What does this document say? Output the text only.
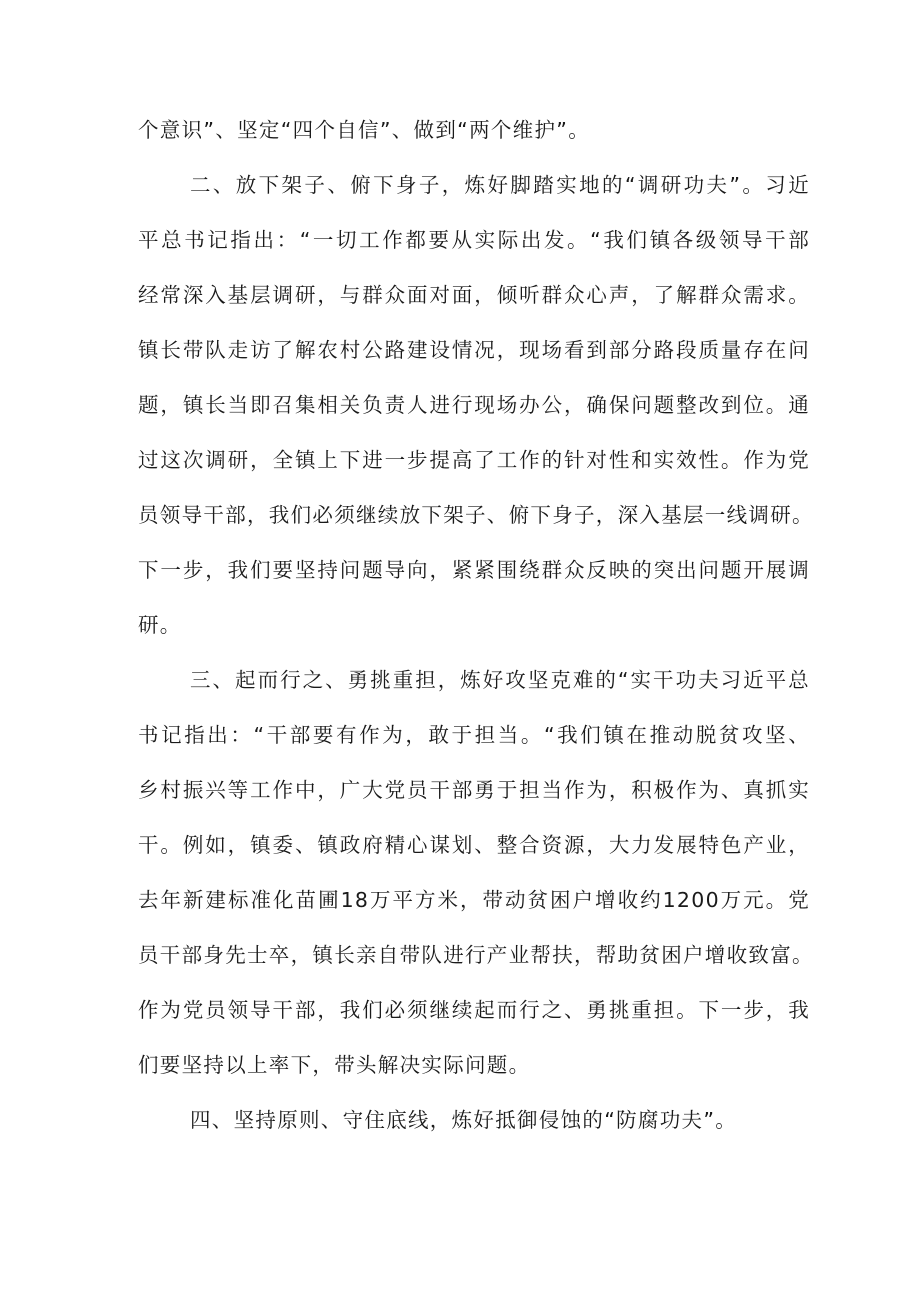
个意识”、坚定“四个自信”、做到“两个维护”。
二、放下架子、俯下身子，炼好脚踏实地的“调研功夫”。习近
平总书记指出：“一切工作都要从实际出发。“我们镇各级领导干部
经常深入基层调研，与群众面对面，倾听群众心声，了解群众需求。
镇长带队走访了解农村公路建设情况，现场看到部分路段质量存在问
题，镇长当即召集相关负责人进行现场办公，确保问题整改到位。通
过这次调研，全镇上下进一步提高了工作的针对性和实效性。作为党
员领导干部，我们必须继续放下架子、俯下身子，深入基层一线调研。
下一步，我们要坚持问题导向，紧紧围绕群众反映的突出问题开展调
研。
三、起而行之、勇挑重担，炼好攻坚克难的“实干功夫习近平总
书记指出：“干部要有作为，敢于担当。“我们镇在推动脱贫攻坚、
乡村振兴等工作中，广大党员干部勇于担当作为，积极作为、真抓实
干。例如，镇委、镇政府精心谋划、整合资源，大力发展特色产业，
去年新建标准化苗圃18万平方米，带动贫困户增收约1200万元。党
员干部身先士卒，镇长亲自带队进行产业帮扶，帮助贫困户增收致富。
作为党员领导干部，我们必须继续起而行之、勇挑重担。下一步，我
们要坚持以上率下，带头解决实际问题。
四、坚持原则、守住底线，炼好抵御侵蚀的“防腐功夫”。
